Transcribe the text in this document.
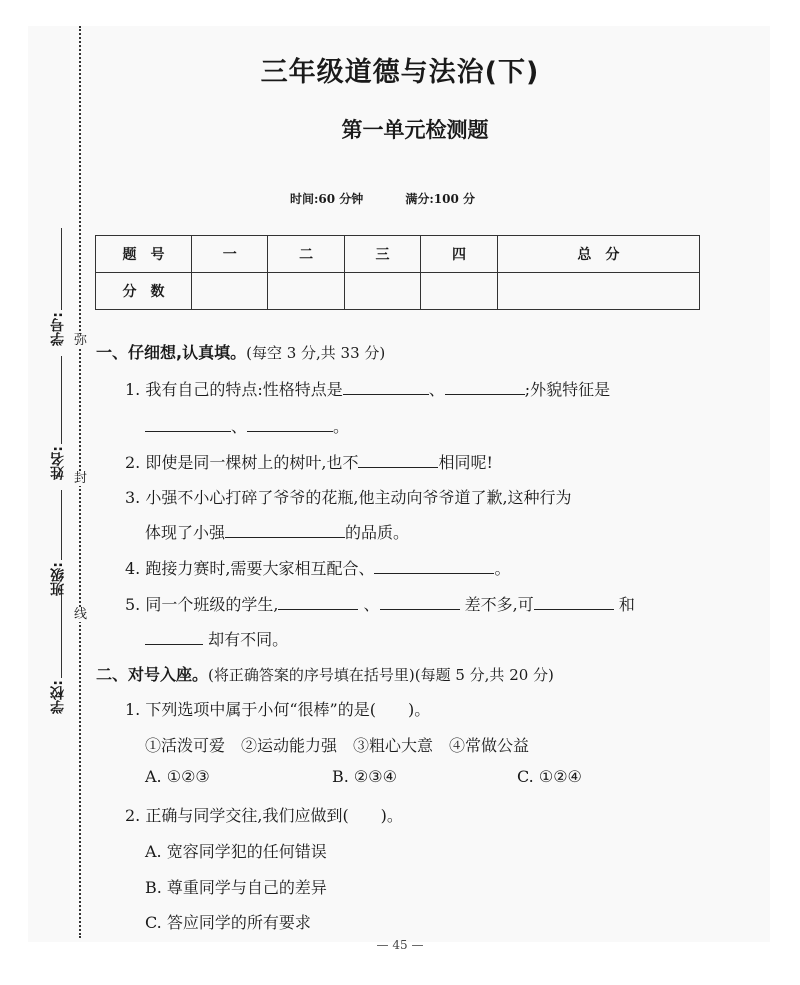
学校:
班级:
姓名:
学号: 弥
封
线
三年级道德与法治(下)
第一单元检测题
时间:60 分钟	满分:100 分
题　号	一	二	三	四	总　分
分　数					
一、仔细想,认真填。(每空 3 分,共 33 分)
1. 我有自己的特点:性格特点是	、	;外貌特征是
、	。
2. 即使是同一棵树上的树叶,也不	相同呢!
3. 小强不小心打碎了爷爷的花瓶,他主动向爷爷道了歉,这种行为
体现了小强	的品质。
4. 跑接力赛时,需要大家相互配合、	。
5. 同一个班级的学生,	、	差不多,可	和
却有不同。
二、对号入座。(将正确答案的序号填在括号里)(每题 5 分,共 20 分)
1. 下列选项中属于小何“很棒”的是(　　)。
①活泼可爱　②运动能力强　③粗心大意　④常做公益
A. ①②③	B. ②③④	C. ①②④
2. 正确与同学交往,我们应做到(　　)。
A. 宽容同学犯的任何错误
B. 尊重同学与自己的差异
C. 答应同学的所有要求
— 45 —
